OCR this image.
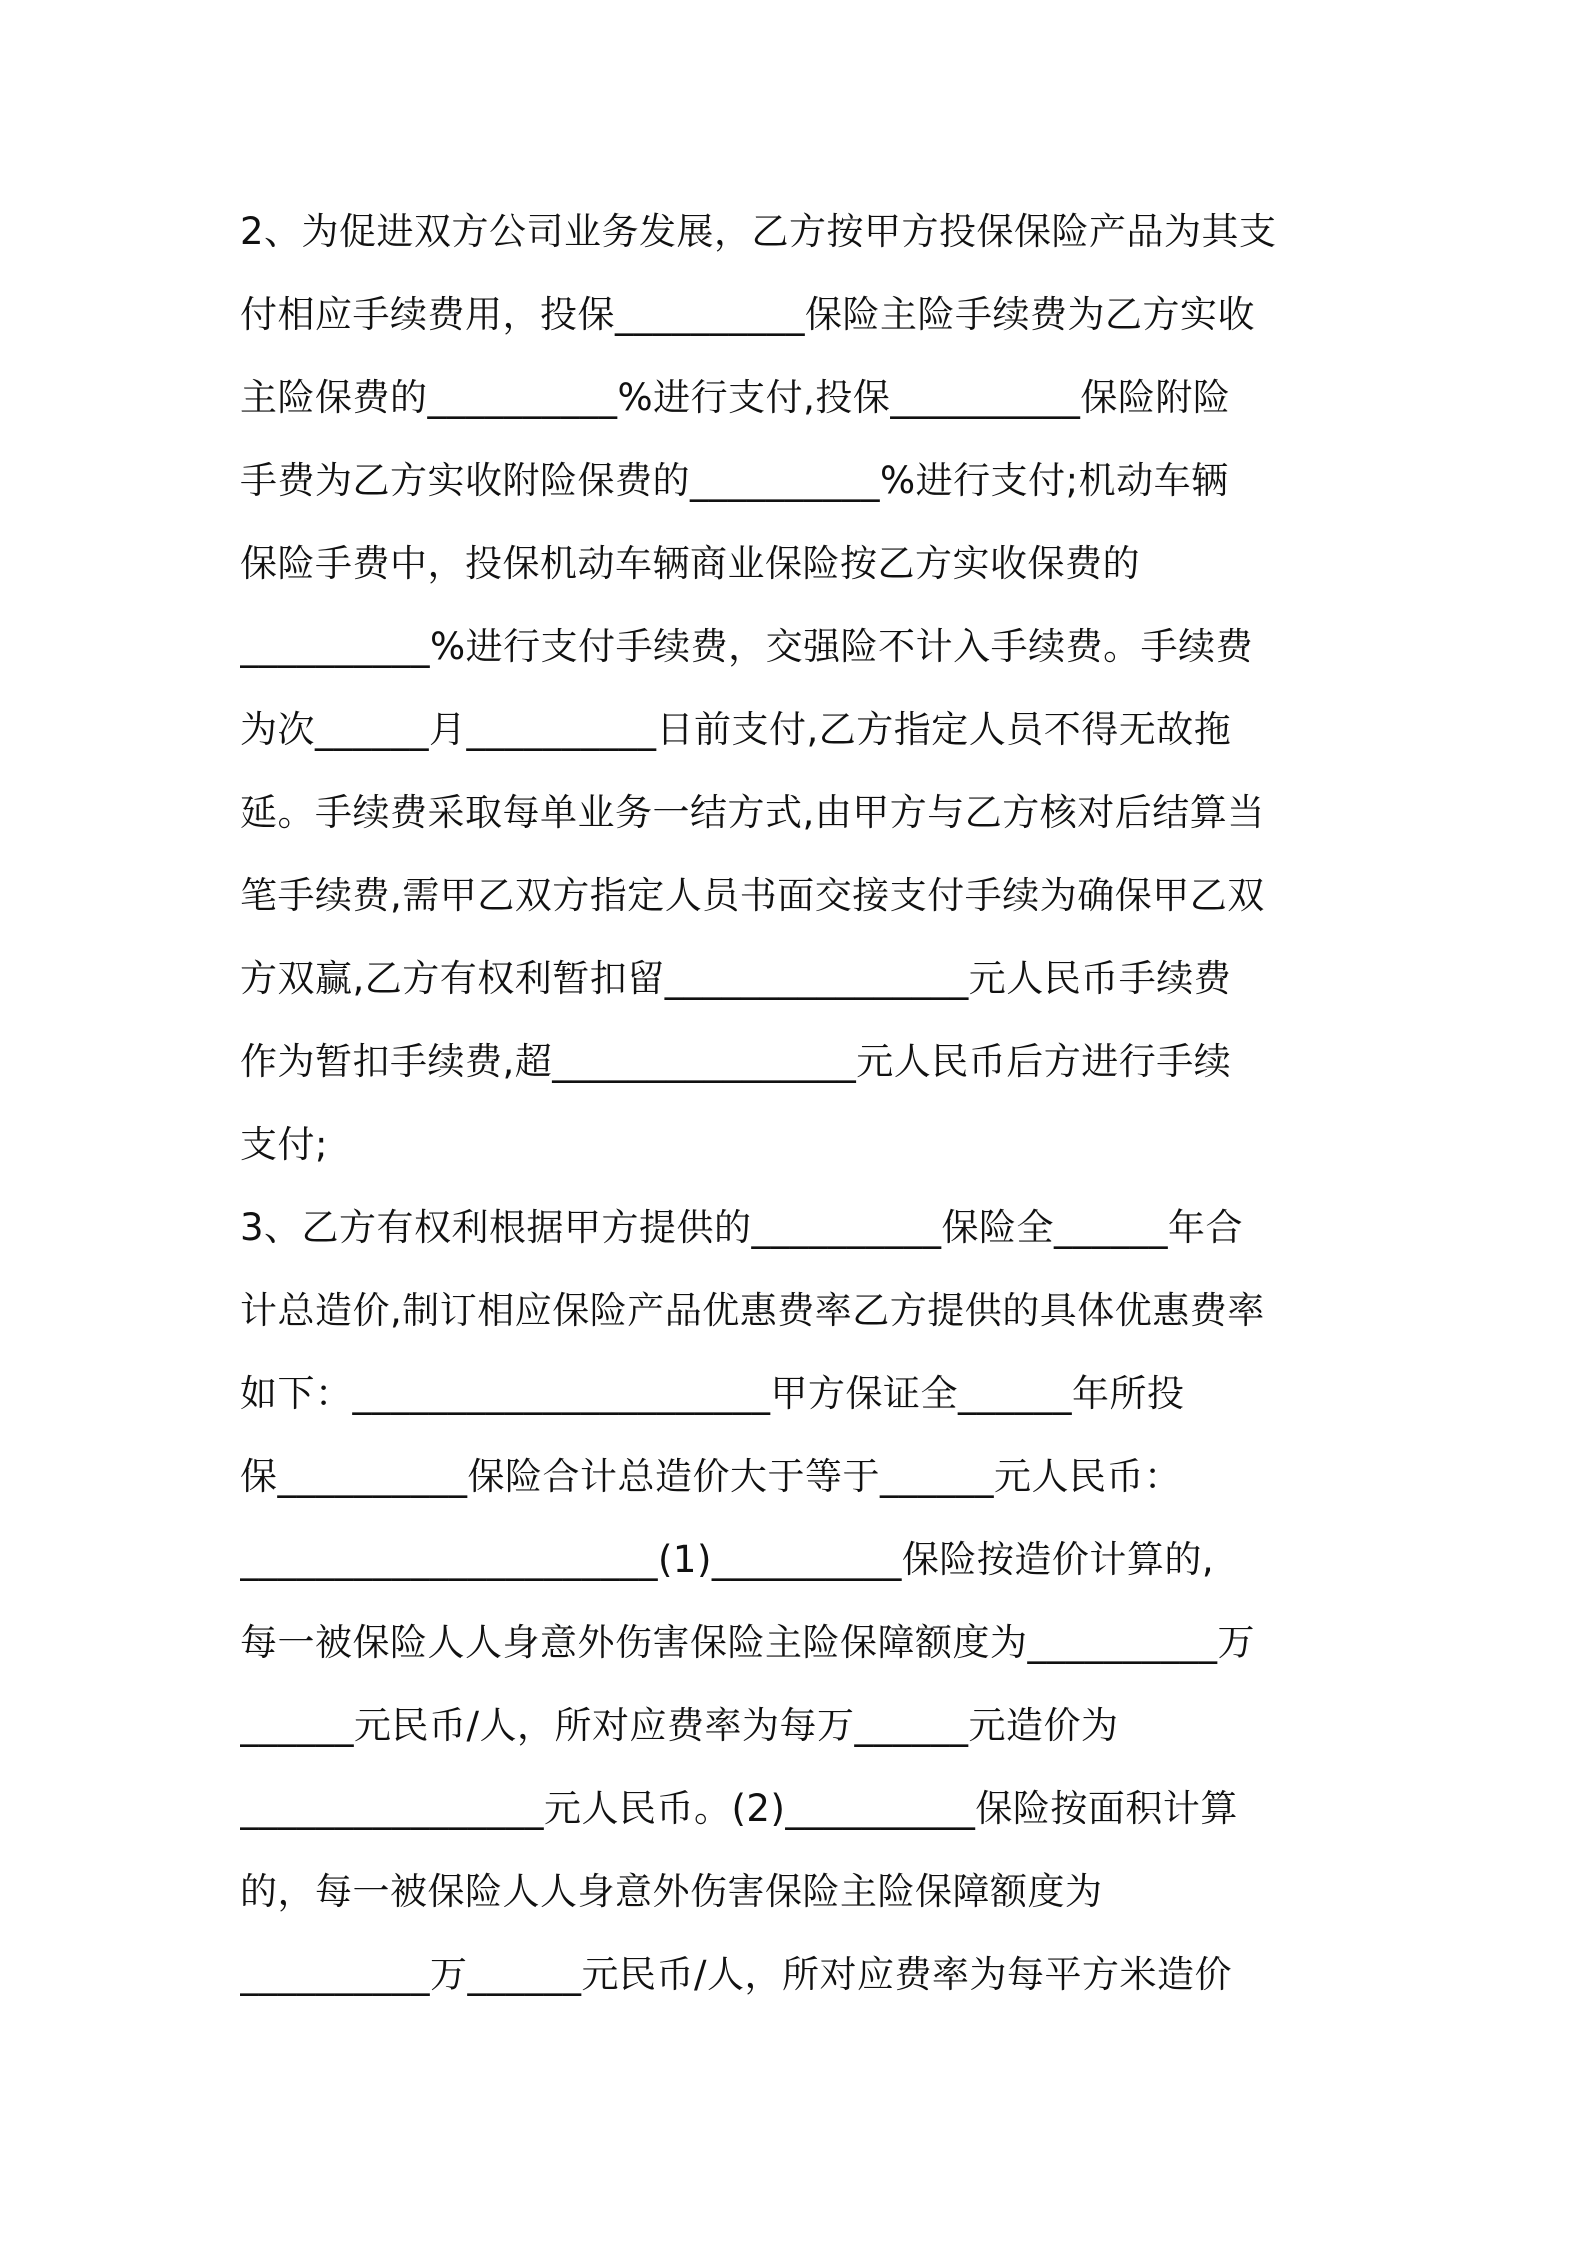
2、为促进双方公司业务发展，乙方按甲方投保保险产品为其支
付相应手续费用，投保__________保险主险手续费为乙方实收
主险保费的__________%进行支付,投保__________保险附险
手费为乙方实收附险保费的__________%进行支付;机动车辆
保险手费中，投保机动车辆商业保险按乙方实收保费的
__________%进行支付手续费，交强险不计入手续费。手续费
为次______月__________日前支付,乙方指定人员不得无故拖
延。手续费采取每单业务一结方式,由甲方与乙方核对后结算当
笔手续费,需甲乙双方指定人员书面交接支付手续为确保甲乙双
方双赢,乙方有权利暂扣留________________元人民币手续费
作为暂扣手续费,超________________元人民币后方进行手续
支付;
3、乙方有权利根据甲方提供的__________保险全______年合
计总造价,制订相应保险产品优惠费率乙方提供的具体优惠费率
如下：______________________甲方保证全______年所投
保__________保险合计总造价大于等于______元人民币：
______________________(1)__________保险按造价计算的,
每一被保险人人身意外伤害保险主险保障额度为__________万
______元民币/人，所对应费率为每万______元造价为
________________元人民币。(2)__________保险按面积计算
的，每一被保险人人身意外伤害保险主险保障额度为
__________万______元民币/人，所对应费率为每平方米造价
